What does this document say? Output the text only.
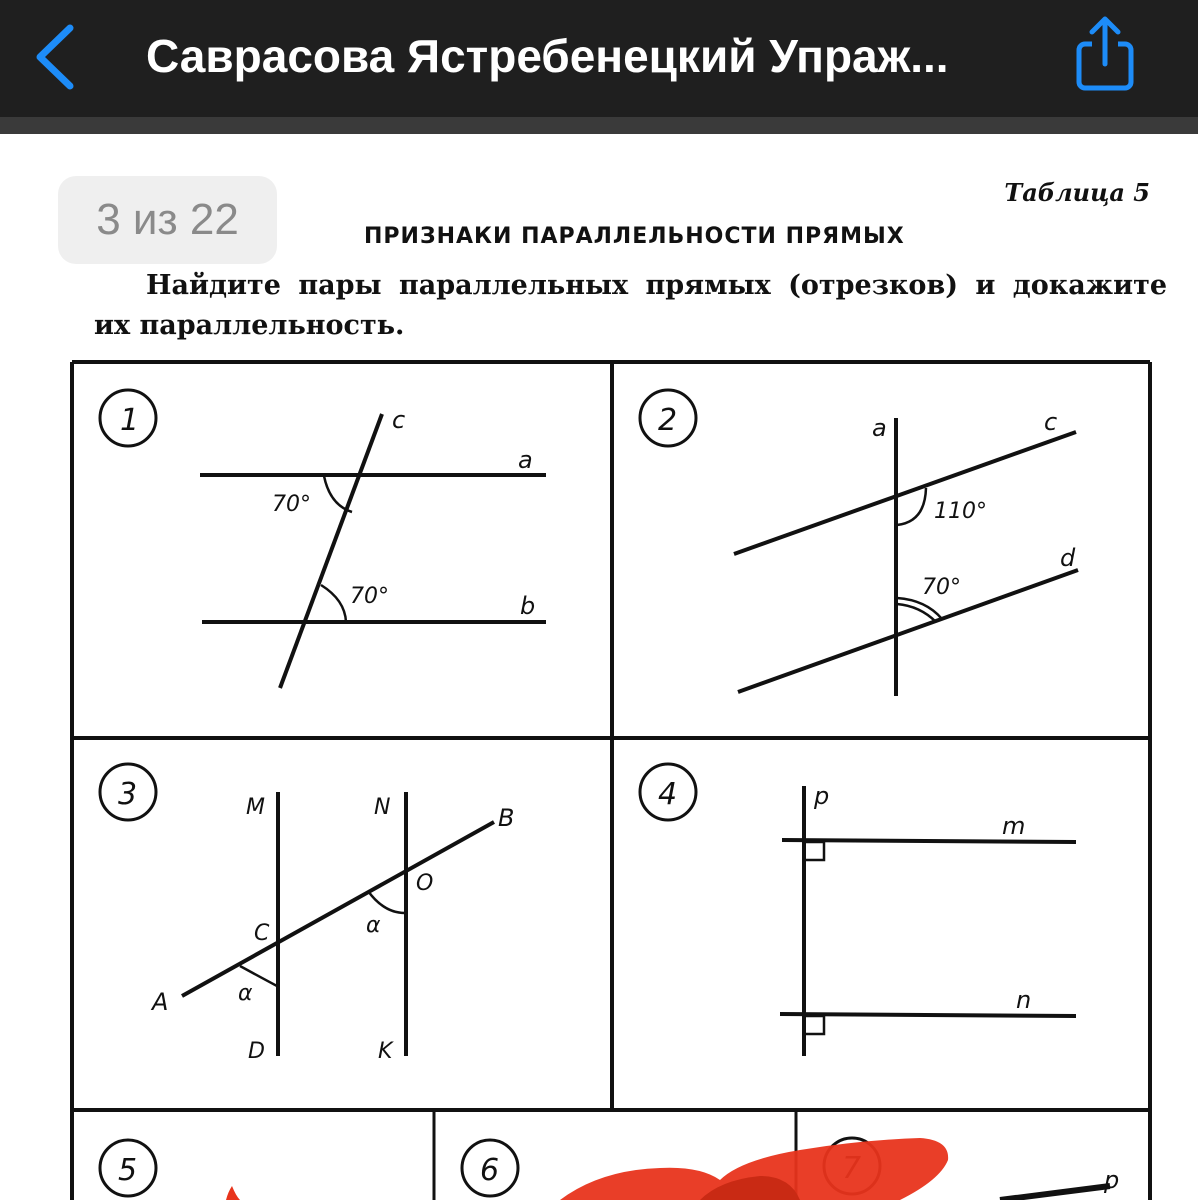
Саврасова Ястребенецкий Упраж...
Таблица 5
ПРИЗНАКИ ПАРАЛЛЕЛЬНОСТИ ПРЯМЫХ
Найдите пары параллельных прямых (отрезков) и докажите
их параллельность.
1	c
a
b
70°
70°
2	a	c
d
110°
70°
3	M	N	B
O
C
A
D	K
α
α
4	p
m
n
5	6	p
3 из 22
